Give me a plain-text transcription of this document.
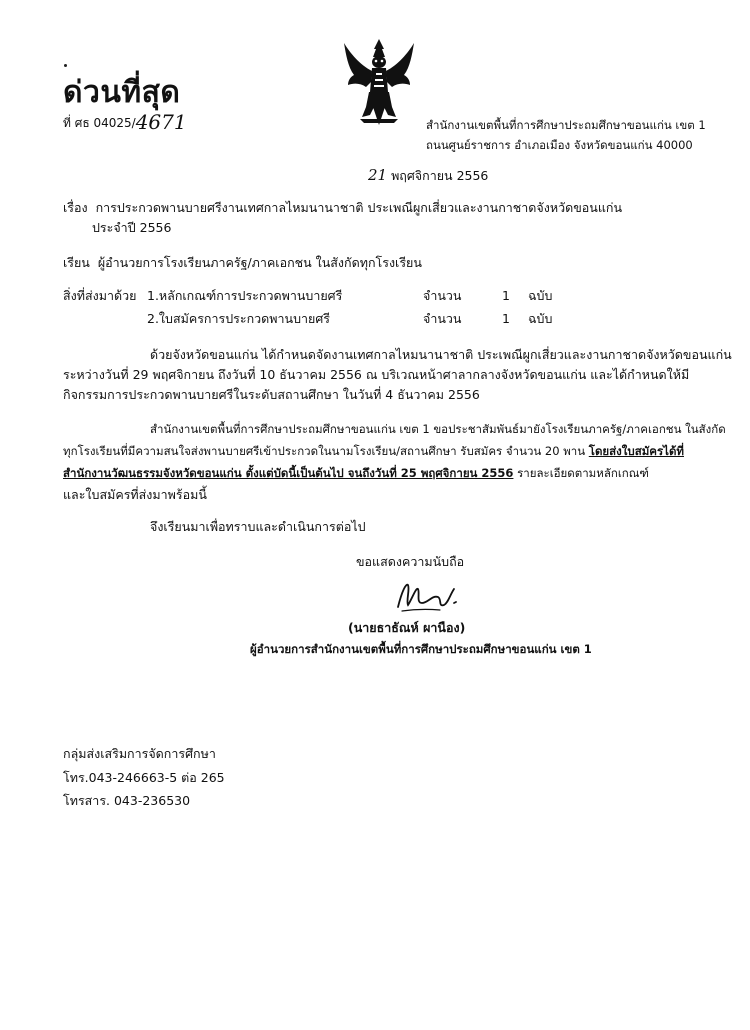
ด่วนที่สุด
ที่ ศธ 04025/4671	สำนักงานเขตพื้นที่การศึกษาประถมศึกษาขอนแก่น เขต 1
ถนนศูนย์ราชการ อำเภอเมือง จังหวัดขอนแก่น 40000
21 พฤศจิกายน 2556
เรื่อง การประกวดพานบายศรีงานเทศกาลไหมนานาชาติ ประเพณีผูกเสี่ยวและงานกาชาดจังหวัดขอนแก่น
ประจำปี 2556
เรียน ผู้อำนวยการโรงเรียนภาครัฐ/ภาคเอกชน ในสังกัดทุกโรงเรียน
สิ่งที่ส่งมาด้วย 1.หลักเกณฑ์การประกวดพานบายศรี	จำนวน	1 ฉบับ
2.ใบสมัครการประกวดพานบายศรี	จำนวน	1 ฉบับ
ด้วยจังหวัดขอนแก่น ได้กำหนดจัดงานเทศกาลไหมนานาชาติ ประเพณีผูกเสี่ยวและงานกาชาดจังหวัดขอนแก่น
ระหว่างวันที่ 29 พฤศจิกายน ถึงวันที่ 10 ธันวาคม 2556 ณ บริเวณหน้าศาลากลางจังหวัดขอนแก่น และได้กำหนดให้มี
กิจกรรมการประกวดพานบายศรีในระดับสถานศึกษา ในวันที่ 4 ธันวาคม 2556
สำนักงานเขตพื้นที่การศึกษาประถมศึกษาขอนแก่น เขต 1 ขอประชาสัมพันธ์มายังโรงเรียนภาครัฐ/ภาคเอกชน ในสังกัด
ทุกโรงเรียนที่มีความสนใจส่งพานบายศรีเข้าประกวดในนามโรงเรียน/สถานศึกษา รับสมัคร จำนวน 20 พาน โดยส่งใบสมัครได้ที่
สำนักงานวัฒนธรรมจังหวัดขอนแก่น ตั้งแต่บัดนี้เป็นต้นไป จนถึงวันที่ 25 พฤศจิกายน 2556 รายละเอียดตามหลักเกณฑ์
และใบสมัครที่ส่งมาพร้อมนี้
จึงเรียนมาเพื่อทราบและดำเนินการต่อไป
ขอแสดงความนับถือ
(นายธาธัณห์ ผานือง)
ผู้อำนวยการสำนักงานเขตพื้นที่การศึกษาประถมศึกษาขอนแก่น เขต 1
กลุ่มส่งเสริมการจัดการศึกษา
โทร.043-246663-5 ต่อ 265
โทรสาร. 043-236530
